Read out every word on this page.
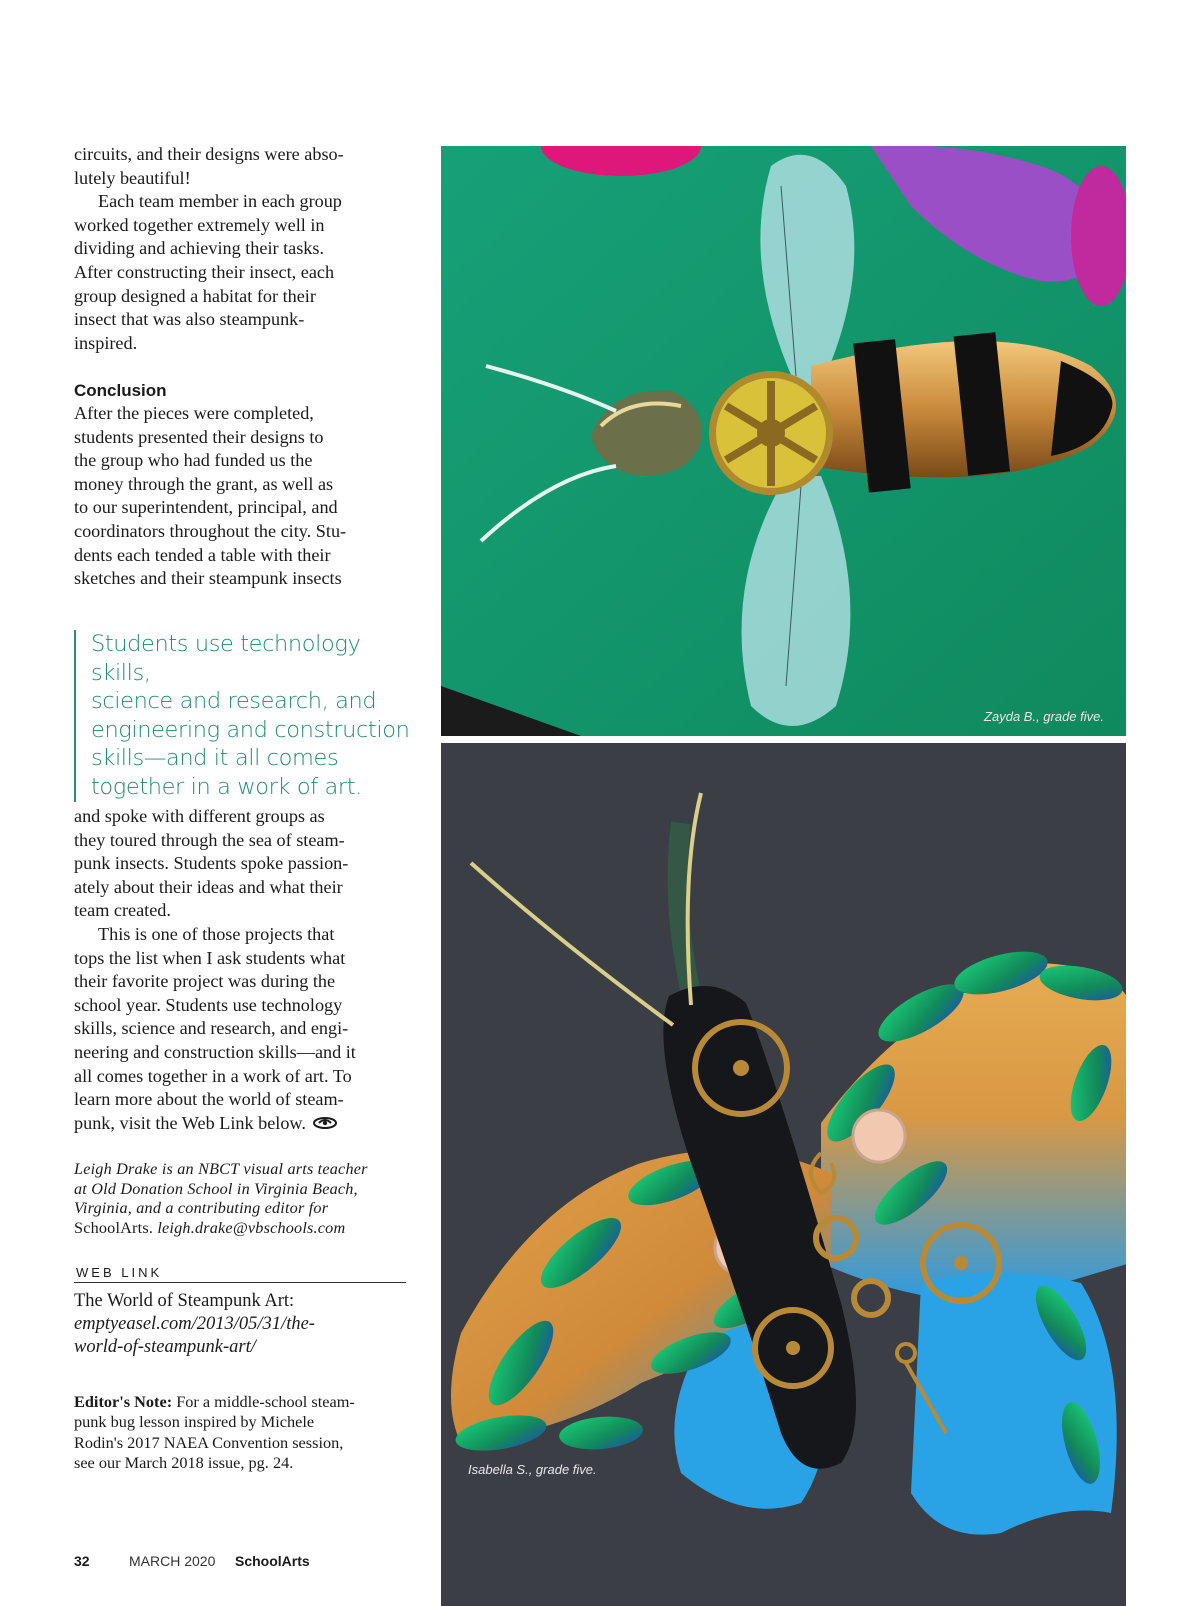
circuits, and their designs were abso-

lutely beautiful!

Each team member in each group

worked together extremely well in

dividing and achieving their tasks.

After constructing their insect, each

group designed a habitat for their

insect that was also steampunk-

inspired.

Conclusion

After the pieces were completed,

students presented their designs to

the group who had funded us the

money through the grant, as well as

to our superintendent, principal, and

coordinators throughout the city. Stu-

dents each tended a table with their

sketches and their steampunk insects

Students use technology skills,
science and research, and
engineering and construction
skills—and it all comes
together in a work of art.

and spoke with different groups as

they toured through the sea of steam-

punk insects. Students spoke passion-

ately about their ideas and what their

team created.

This is one of those projects that

tops the list when I ask students what

their favorite project was during the

school year. Students use technology

skills, science and research, and engi-

neering and construction skills—and it

all comes together in a work of art. To

learn more about the world of steam-

punk, visit the Web Link below.

Leigh Drake is an NBCT visual arts teacher

at Old Donation School in Virginia Beach,

Virginia, and a contributing editor for

SchoolArts. leigh.drake@vbschools.com

WEB LINK

The World of Steampunk Art:

emptyeasel.com/2013/05/31/the-

world-of-steampunk-art/

Editor's Note: For a middle-school steam-

punk bug lesson inspired by Michele

Rodin's 2017 NAEA Convention session,

see our March 2018 issue, pg. 24.

32	MARCH 2020 SchoolArts
Zayda B., grade five.
Isabella S., grade five.
